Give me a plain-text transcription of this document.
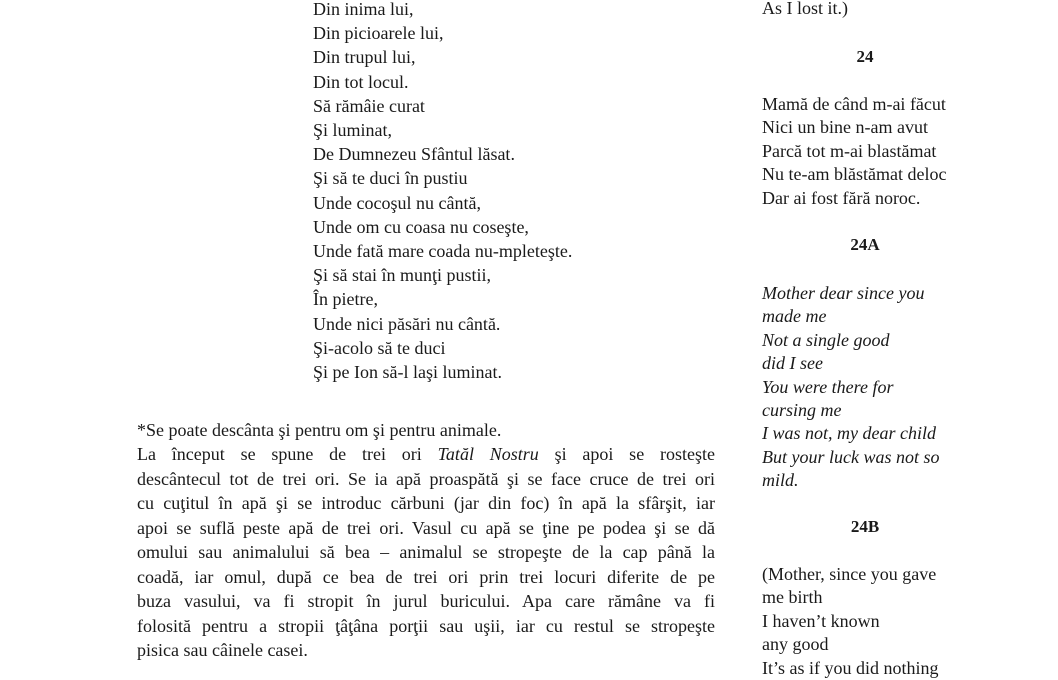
Din inima lui,
Din picioarele lui,
Din trupul lui,
Din tot locul.
Să rămâie curat
Şi luminat,
De Dumnezeu Sfântul lăsat.
Şi să te duci în pustiu
Unde cocoşul nu cântă,
Unde om cu coasa nu coseşte,
Unde fată mare coada nu-mpleteşte.
Şi să stai în munţi pustii,
În pietre,
Unde nici păsări nu cântă.
Şi-acolo să te duci
Şi pe Ion să-l laşi luminat.
*Se poate descânta şi pentru om şi pentru animale.
La început se spune de trei ori Tatăl Nostru şi apoi se rosteşte
descântecul tot de trei ori. Se ia apă proaspătă şi se face cruce de trei ori
cu cuţitul în apă şi se introduc cărbuni (jar din foc) în apă la sfârşit, iar
apoi se suflă peste apă de trei ori. Vasul cu apă se ţine pe podea şi se dă
omului sau animalului să bea – animalul se stropeşte de la cap până la
coadă, iar omul, după ce bea de trei ori prin trei locuri diferite de pe
buza vasului, va fi stropit în jurul buricului. Apa care rămâne va fi
folosită pentru a stropii ţâţâna porţii sau uşii, iar cu restul se stropeşte
pisica sau câinele casei.
As I lost it.)
24
Mamă de când m-ai făcut
Nici un bine n-am avut
Parcă tot m-ai blastămat
Nu te-am blăstămat deloc
Dar ai fost fără noroc.
24A
Mother dear since you
made me
Not a single good
did I see
You were there for
cursing me
I was not, my dear child
But your luck was not so
mild.
24B
(Mother, since you gave
me birth
I haven’t known
any good
It’s as if you did nothing
